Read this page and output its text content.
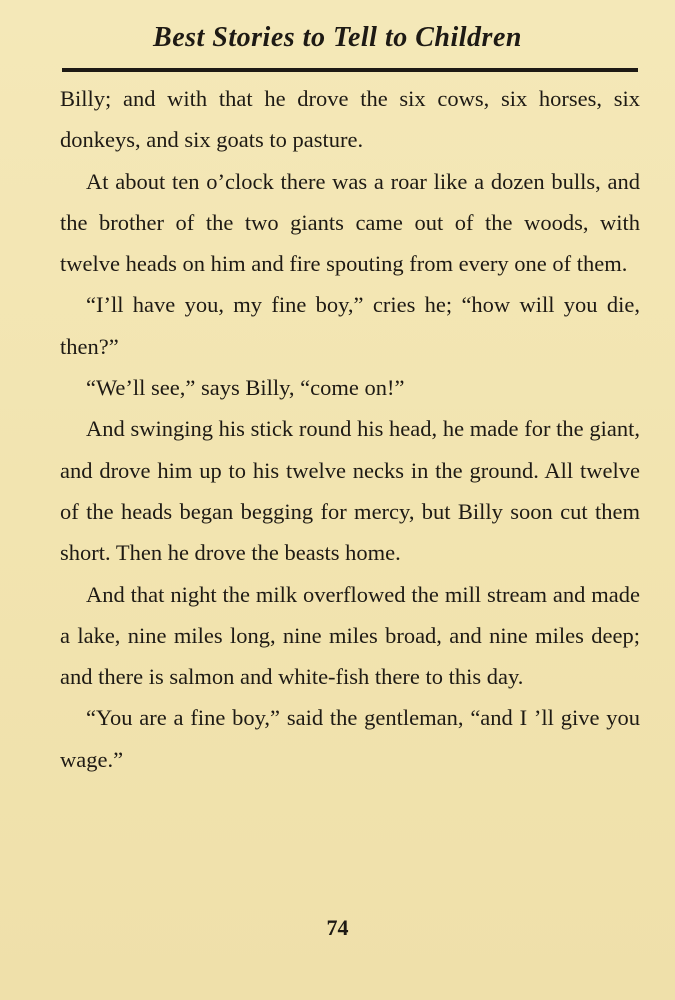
Best Stories to Tell to Children

Billy; and with that he drove the six cows, six horses, six donkeys, and six goats to pasture.

At about ten o’clock there was a roar like a dozen bulls, and the brother of the two giants came out of the woods, with twelve heads on him and fire spouting from every one of them.

“I’ll have you, my fine boy,” cries he; “how will you die, then?”

“We’ll see,” says Billy, “come on!”

And swinging his stick round his head, he made for the giant, and drove him up to his twelve necks in the ground. All twelve of the heads began begging for mercy, but Billy soon cut them short. Then he drove the beasts home.

And that night the milk overflowed the mill stream and made a lake, nine miles long, nine miles broad, and nine miles deep; and there is salmon and white-fish there to this day.

“You are a fine boy,” said the gentleman, “and I ’ll give you wage.”

74
